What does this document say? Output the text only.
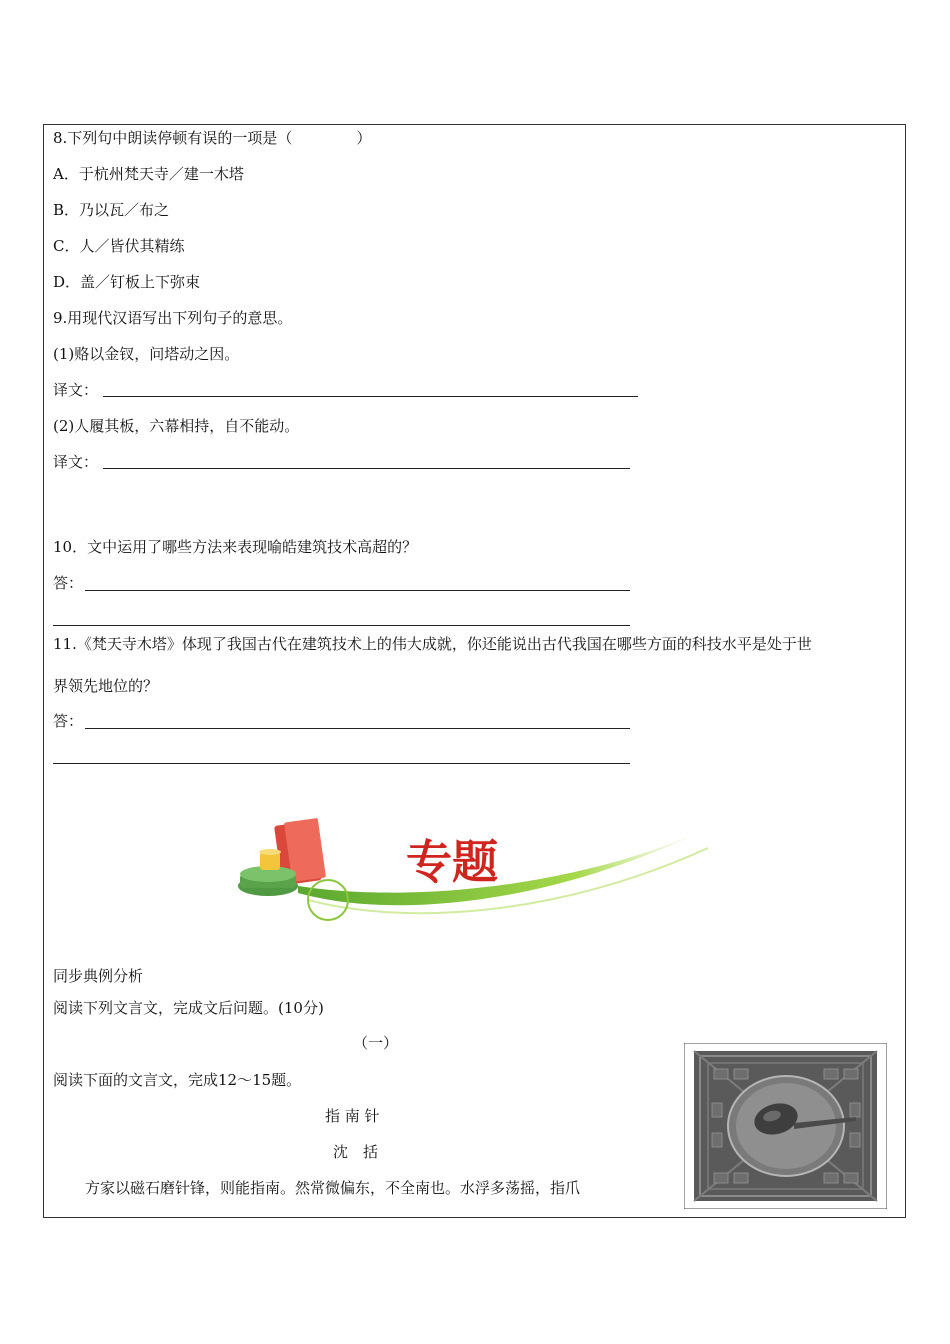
8.下列句中朗读停顿有误的一项是（	）
A．于杭州梵天寺／建一木塔
B．乃以瓦／布之
C．人／皆伏其精练
D．盖／钉板上下弥束
9.用现代汉语写出下列句子的意思。
(1)赂以金钗，问塔动之因。
译文：
(2)人履其板，六幕相持，自不能动。
译文：
10．文中运用了哪些方法来表现喻皓建筑技术高超的？
答：
11.《梵天寺木塔》体现了我国古代在建筑技术上的伟大成就，你还能说出古代我国在哪些方面的科技水平是处于世
界领先地位的？
答：
专题
同步典例分析
阅读下列文言文，完成文后问题。(10分)
（一）
阅读下面的文言文，完成12～15题。
指 南 针
沈　括
方家以磁石磨针锋，则能指南。然常微偏东，不全南也。水浮多荡摇，指爪
